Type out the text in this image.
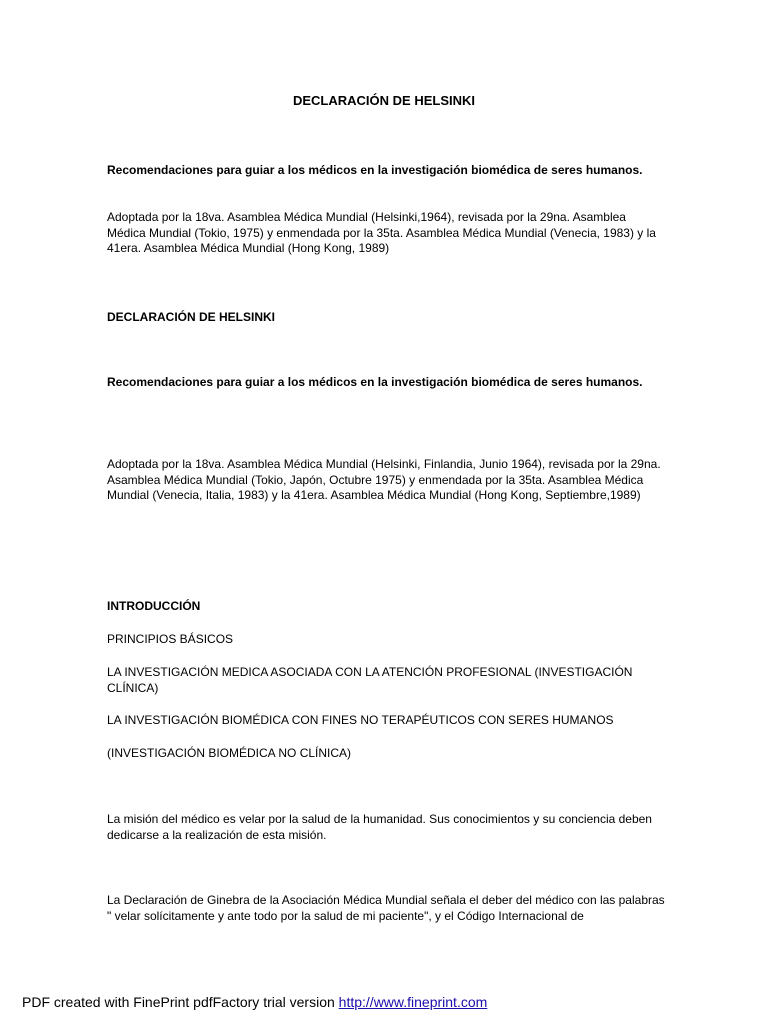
DECLARACIÓN DE HELSINKI

Recomendaciones para guiar a los médicos en la investigación biomédica de seres humanos.

Adoptada por la 18va. Asamblea Médica Mundial (Helsinki,1964), revisada por la 29na. Asamblea Médica Mundial (Tokio, 1975) y enmendada por la 35ta. Asamblea Médica Mundial (Venecia, 1983) y la 41era. Asamblea Médica Mundial (Hong Kong, 1989)

DECLARACIÓN DE HELSINKI

Recomendaciones para guiar a los médicos en la investigación biomédica de seres humanos.

Adoptada por la 18va. Asamblea Médica Mundial (Helsinki, Finlandia, Junio 1964), revisada por la 29na. Asamblea Médica Mundial (Tokio, Japón, Octubre 1975) y enmendada por la 35ta. Asamblea Médica Mundial (Venecia, Italia, 1983) y la 41era. Asamblea Médica Mundial (Hong Kong, Septiembre,1989)

INTRODUCCIÓN

PRINCIPIOS BÁSICOS

LA INVESTIGACIÓN MEDICA ASOCIADA CON LA ATENCIÓN PROFESIONAL (INVESTIGACIÓN CLÍNICA)

LA INVESTIGACIÓN BIOMÉDICA CON FINES NO TERAPÉUTICOS CON SERES HUMANOS

(INVESTIGACIÓN BIOMÉDICA NO CLÍNICA)

La misión del médico es velar por la salud de la humanidad. Sus conocimientos y su conciencia deben dedicarse a la realización de esta misión.

La Declaración de Ginebra de la Asociación Médica Mundial señala el deber del médico con las palabras " velar solícitamente y ante todo por la salud de mi paciente", y el Código Internacional de

PDF created with FinePrint pdfFactory trial version http://www.fineprint.com
